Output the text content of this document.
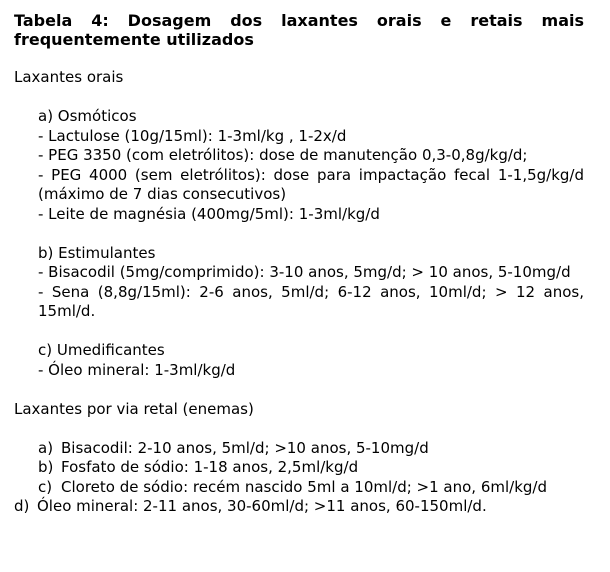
Tabela 4: Dosagem dos laxantes orais e retais mais frequentemente utilizados

Laxantes orais

a) Osmóticos

- Lactulose (10g/15ml): 1-3ml/kg , 1-2x/d

- PEG 3350 (com eletrólitos): dose de manutenção 0,3-0,8g/kg/d;

- PEG 4000 (sem eletrólitos): dose para impactação fecal 1-1,5g/kg/d (máximo de 7 dias consecutivos)

- Leite de magnésia (400mg/5ml): 1-3ml/kg/d

b) Estimulantes

- Bisacodil (5mg/comprimido): 3-10 anos, 5mg/d; > 10 anos, 5-10mg/d

- Sena (8,8g/15ml): 2-6 anos, 5ml/d; 6-12 anos, 10ml/d; > 12 anos, 15ml/d.

c) Umedificantes

- Óleo mineral: 1-3ml/kg/d

Laxantes por via retal (enemas)

a) Bisacodil: 2-10 anos, 5ml/d; >10 anos, 5-10mg/d

b) Fosfato de sódio: 1-18 anos, 2,5ml/kg/d

c) Cloreto de sódio: recém nascido 5ml a 10ml/d; >1 ano, 6ml/kg/d

d) Óleo mineral: 2-11 anos, 30-60ml/d; >11 anos, 60-150ml/d.
